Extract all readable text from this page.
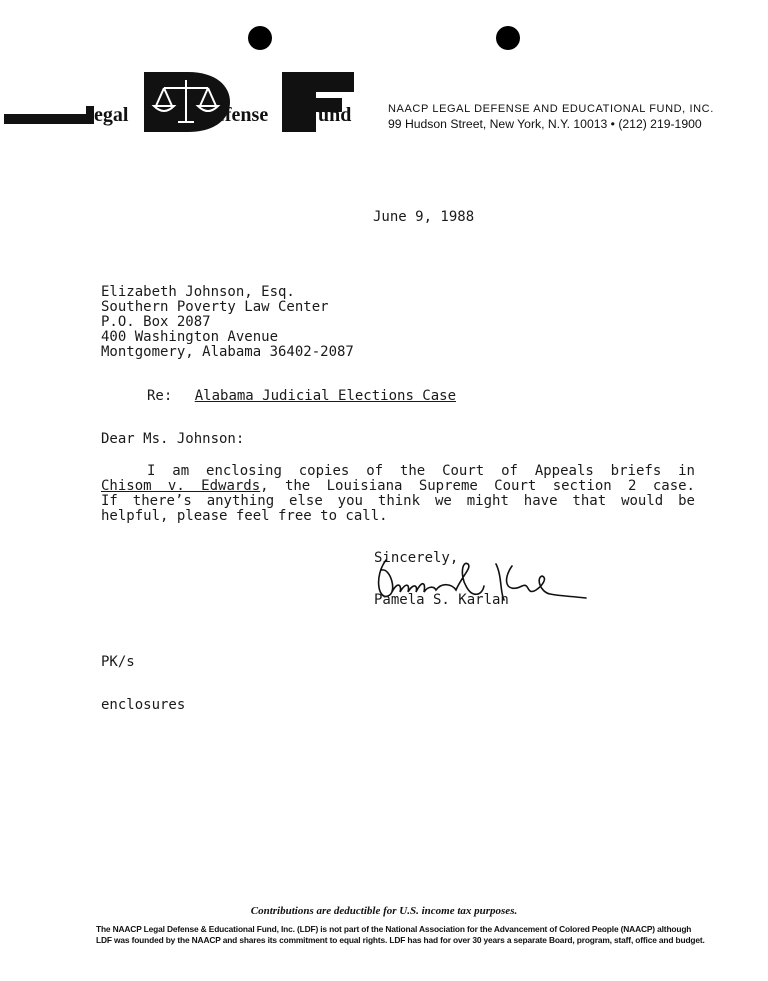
egal	efense und	NAACP LEGAL DEFENSE AND EDUCATIONAL FUND, INC.
99 Hudson Street, New York, N.Y. 10013 • (212) 219-1900
June 9, 1988
Elizabeth Johnson, Esq.
Southern Poverty Law Center
P.O. Box 2087
400 Washington Avenue
Montgomery, Alabama 36402-2087
Re: Alabama Judicial Elections Case
Dear Ms. Johnson:
I am enclosing copies of the Court of Appeals briefs in
Chisom v. Edwards, the Louisiana Supreme Court section 2 case.
If there’s anything else you think we might have that would be
helpful, please feel free to call.
Sincerely,
Pamela S. Karlan
PK/s
enclosures
Contributions are deductible for U.S. income tax purposes.
The NAACP Legal Defense & Educational Fund, Inc. (LDF) is not part of the National Association for the Advancement of Colored People (NAACP) although
LDF was founded by the NAACP and shares its commitment to equal rights. LDF has had for over 30 years a separate Board, program, staff, office and budget.
